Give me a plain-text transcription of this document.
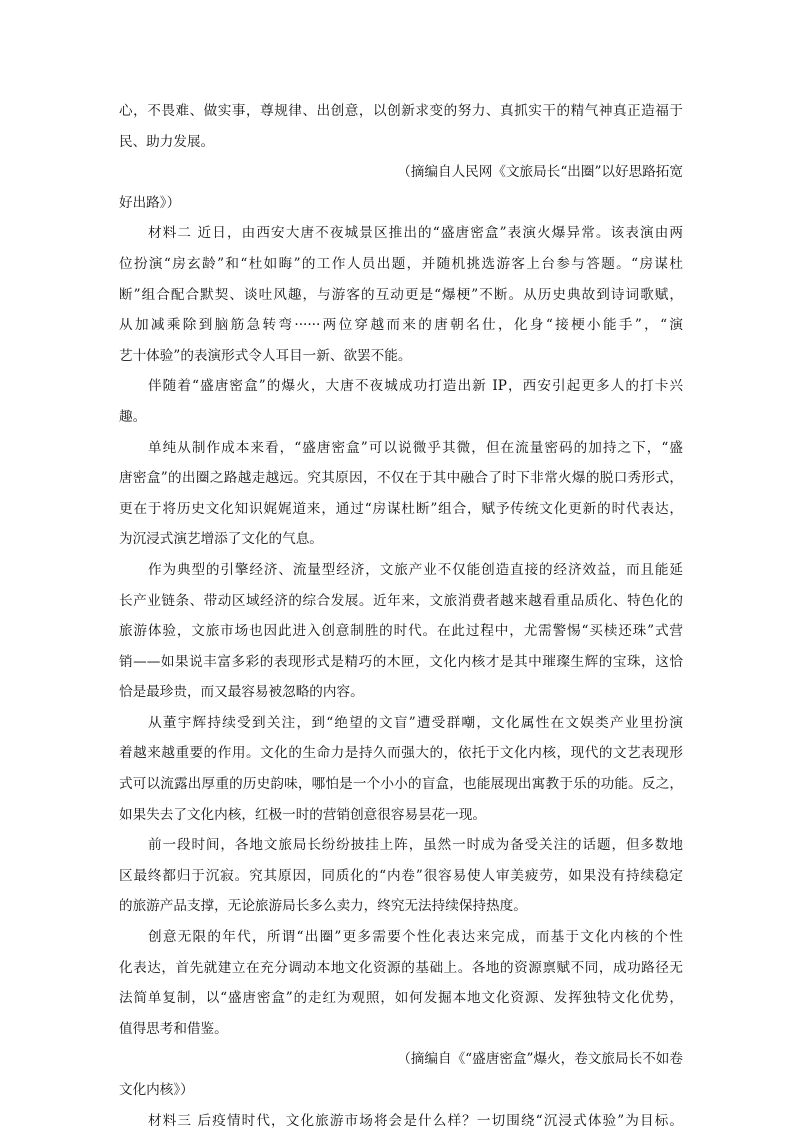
心，不畏难、做实事，尊规律、出创意，以创新求变的努力、真抓实干的精气神真正造福于

民、助力发展。

（摘编自人民网《文旅局长“出圈”以好思路拓宽

好出路》）

材料二 近日，由西安大唐不夜城景区推出的“盛唐密盒”表演火爆异常。该表演由两

位扮演“房玄龄”和“杜如晦”的工作人员出题，并随机挑选游客上台参与答题。“房谋杜

断”组合配合默契、谈吐风趣，与游客的互动更是“爆梗”不断。从历史典故到诗词歌赋，

从加减乘除到脑筋急转弯······两位穿越而来的唐朝名仕，化身“接梗小能手”，“演

艺十体验”的表演形式令人耳目一新、欲罢不能。

伴随着“盛唐密盒”的爆火，大唐不夜城成功打造出新 IP，西安引起更多人的打卡兴

趣。

单纯从制作成本来看，“盛唐密盒”可以说微乎其微，但在流量密码的加持之下，“盛

唐密盒”的出圈之路越走越远。究其原因，不仅在于其中融合了时下非常火爆的脱口秀形式，

更在于将历史文化知识娓娓道来，通过“房谋杜断”组合，赋予传统文化更新的时代表达，

为沉浸式演艺增添了文化的气息。

作为典型的引擎经济、流量型经济，文旅产业不仅能创造直接的经济效益，而且能延

长产业链条、带动区域经济的综合发展。近年来，文旅消费者越来越看重品质化、特色化的

旅游体验，文旅市场也因此进入创意制胜的时代。在此过程中，尤需警惕“买椟还珠”式营

销——如果说丰富多彩的表现形式是精巧的木匣，文化内核才是其中璀璨生辉的宝珠，这恰

恰是最珍贵，而又最容易被忽略的内容。

从董宇辉持续受到关注，到“绝望的文盲”遭受群嘲，文化属性在文娱类产业里扮演

着越来越重要的作用。文化的生命力是持久而强大的，依托于文化内核，现代的文艺表现形

式可以流露出厚重的历史韵味，哪怕是一个小小的盲盒，也能展现出寓教于乐的功能。反之，

如果失去了文化内核，红极一时的营销创意很容易昙花一现。

前一段时间，各地文旅局长纷纷披挂上阵，虽然一时成为备受关注的话题，但多数地

区最终都归于沉寂。究其原因，同质化的“内卷”很容易使人审美疲劳，如果没有持续稳定

的旅游产品支撑，无论旅游局长多么卖力，终究无法持续保持热度。

创意无限的年代，所谓“出圈”更多需要个性化表达来完成，而基于文化内核的个性

化表达，首先就建立在充分调动本地文化资源的基础上。各地的资源禀赋不同，成功路径无

法简单复制，以“盛唐密盒”的走红为观照，如何发掘本地文化资源、发挥独特文化优势，

值得思考和借鉴。

（摘编自《“盛唐密盒”爆火，卷文旅局长不如卷

文化内核》）

材料三 后疫情时代，文化旅游市场将会是什么样？一切围绕“沉浸式体验”为目标。
